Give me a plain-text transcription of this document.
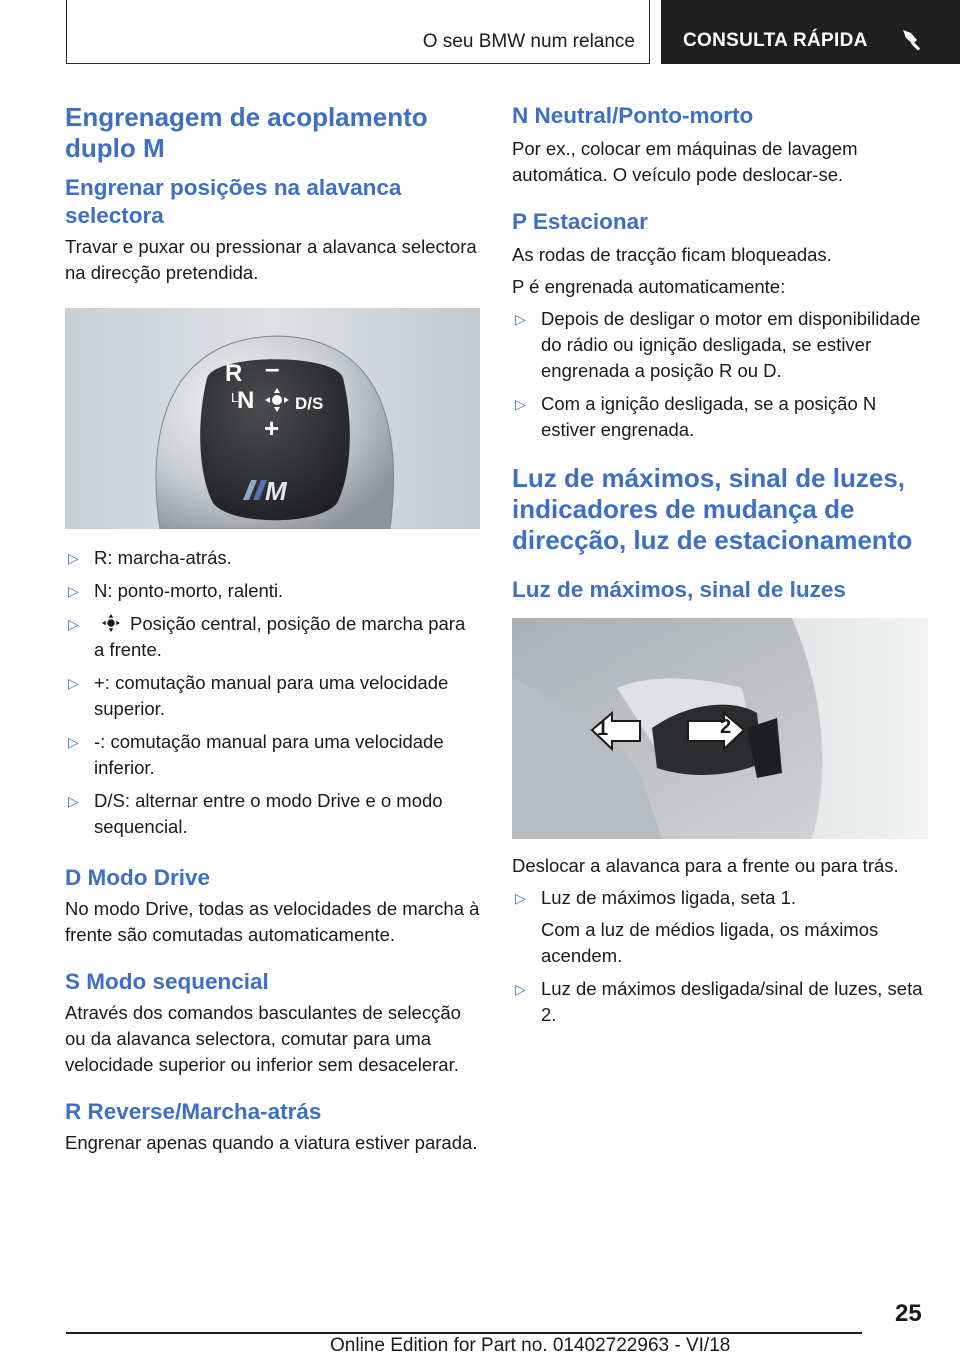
O seu BMW num relance	CONSULTA RÁPIDA
Engrenagem de acoplamento duplo M
Engrenar posições na alavanca selectora
Travar e puxar ou pressionar a alavanca selectora na direcção pretendida.
R –
L
N D/S
+
M
▷ R: marcha-atrás.
▷ N: ponto-morto, ralenti.
▷	Posição central, posição de marcha para a frente.
▷ +: comutação manual para uma velocidade superior.
▷ -: comutação manual para uma velocidade inferior.
▷ D/S: alternar entre o modo Drive e o modo sequencial.
D Modo Drive
No modo Drive, todas as velocidades de marcha à frente são comutadas automaticamente.
S Modo sequencial
Através dos comandos basculantes de selecção ou da alavanca selectora, comutar para uma velocidade superior ou inferior sem desacelerar.
R Reverse/Marcha-atrás
Engrenar apenas quando a viatura estiver parada.
N Neutral/Ponto-morto
Por ex., colocar em máquinas de lavagem automática. O veículo pode deslocar-se.
P Estacionar
As rodas de tracção ficam bloqueadas.
P é engrenada automaticamente:
▷ Depois de desligar o motor em disponibilidade do rádio ou ignição desligada, se estiver engrenada a posição R ou D.
▷ Com a ignição desligada, se a posição N estiver engrenada.
Luz de máximos, sinal de luzes, indicadores de mudança de direcção, luz de estacionamento
Luz de máximos, sinal de luzes
1	2
Deslocar a alavanca para a frente ou para trás.
▷ Luz de máximos ligada, seta 1.
Com a luz de médios ligada, os máximos acendem.
▷ Luz de máximos desligada/sinal de luzes, seta 2.
25
Online Edition for Part no. 01402722963 - VI/18
